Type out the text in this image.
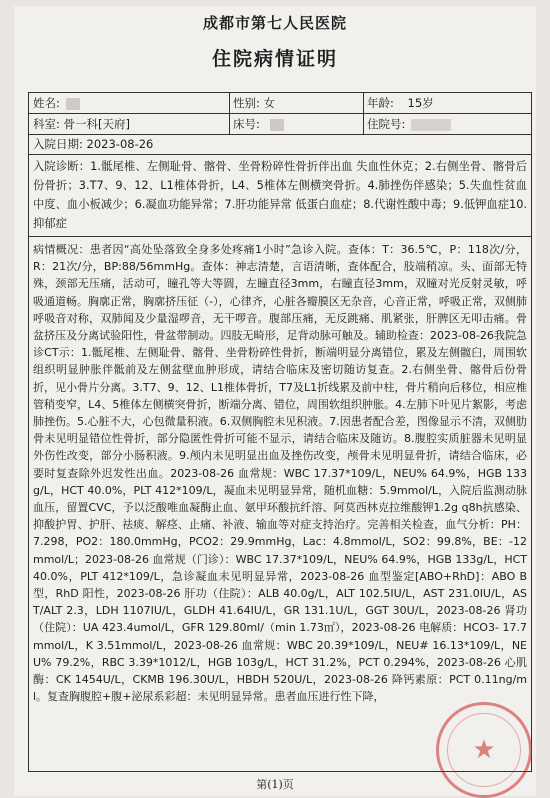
成都市第七人民医院
住院病情证明
姓名:	性别: 女	年龄: 15岁
科室: 骨一科[天府]	床号:	住院号:
入院日期: 2023-08-26
入院诊断：1.骶尾椎、左侧耻骨、髂骨、坐骨粉碎性骨折伴出血 失血性休克；2.右侧坐骨、髂骨后份骨折；3.T7、9、12、L1椎体骨折，L4、5椎体左侧横突骨折。4.肺挫伤伴感染；5.失血性贫血 中度、血小板减少；6.凝血功能异常；7.肝功能异常 低蛋白血症；8.代谢性酸中毒；9.低钾血症10.抑郁症
病情概况：患者因“高处坠落致全身多处疼痛1小时”急诊入院。查体：T：36.5℃，P：118次/分，R：21次/分，BP:88/56mmHg。查体：神志清楚，言语清晰，查体配合，肢端稍凉。头、面部无特殊，颈部无压痛，活动可，瞳孔等大等圆，左瞳直径3mm，右瞳直径3mm，双瞳对光反射灵敏，呼吸通道畅。胸廓正常，胸廓挤压征（-），心律齐，心脏各瓣膜区无杂音，心音正常，呼吸正常，双侧肺呼吸音对称，双肺闻及少量湿啰音，无干啰音。腹部压痛，无反跳痛、肌紧张，肝脾区无叩击痛。骨盆挤压及分离试验阳性，骨盆带制动。四肢无畸形，足背动脉可触及。辅助检查：2023-08-26我院急诊CT示：1.骶尾椎、左侧耻骨、髂骨、坐骨粉碎性骨折，断端明显分离错位，累及左侧髋臼，周围软组织明显肿胀伴骶前及左侧盆壁血肿形成，请结合临床及密切随访复查。2.右侧坐骨、髂骨后份骨折，见小骨片分离。3.T7、9、12、L1椎体骨折，T7及L1折线累及前中柱，骨片稍向后移位，相应椎管稍变窄，L4、5椎体左侧横突骨折，断端分离、错位，周围软组织肿胀。4.左肺下叶见片絮影，考虑肺挫伤。5.心脏不大，心包微量积液。6.双侧胸腔未见积液。7.因患者配合差，图像显示不清，双侧肋骨未见明显错位性骨折，部分隐匿性骨折可能不显示，请结合临床及随访。8.腹腔实质脏器未见明显外伤性改变，部分小肠积液。9.颅内未见明显出血及挫伤改变，颅骨未见明显骨折，请结合临床，必要时复查除外迟发性出血。2023-08-26 血常规：WBC 17.37*109/L，NEU% 64.9%，HGB 133g/L，HCT 40.0%，PLT 412*109/L，凝血未见明显异常，随机血糖：5.9mmol/L，入院后监测动脉血压，留置CVC，予以泛酸唯血凝酶止血、氨甲环酸抗纤溶、阿莫西林克拉维酸钾1.2g q8h抗感染、抑酸护胃、护肝、祛痰、解痉、止痛、补液、输血等对症支持治疗。完善相关检查，血气分析：PH：7.298，PO2：180.0mmHg，PCO2：29.9mmHg，Lac：4.8mmol/L，SO2：99.8%，BE：-12mmol/L；2023-08-26 血常规（门诊）：WBC 17.37*109/L，NEU% 64.9%，HGB 133g/L，HCT 40.0%，PLT 412*109/L，急诊凝血未见明显异常，2023-08-26 血型鉴定[ABO+RhD]：ABO B型，RhD 阳性，2023-08-26 肝功（住院）：ALB 40.0g/L，ALT 102.5IU/L，AST 231.0IU/L，AST/ALT 2.3，LDH 1107IU/L，GLDH 41.64IU/L，GR 131.1U/L，GGT 30U/L，2023-08-26 肾功（住院）：UA 423.4umol/L，GFR 129.80ml/（min 1.73㎡），2023-08-26 电解质：HCO3- 17.7mmol/L，K 3.51mmol/L，2023-08-26 血常规：WBC 20.39*109/L，NEU# 16.13*109/L，NEU% 79.2%，RBC 3.39*1012/L，HGB 103g/L，HCT 31.2%，PCT 0.294%，2023-08-26 心肌酶：CK 1454U/L，CKMB 196.30U/L，HBDH 520U/L，2023-08-26 降钙素原：PCT 0.11ng/ml。复查胸腹腔+腹+泌尿系彩超：未见明显异常。患者血压进行性下降，
★
第(1)页
